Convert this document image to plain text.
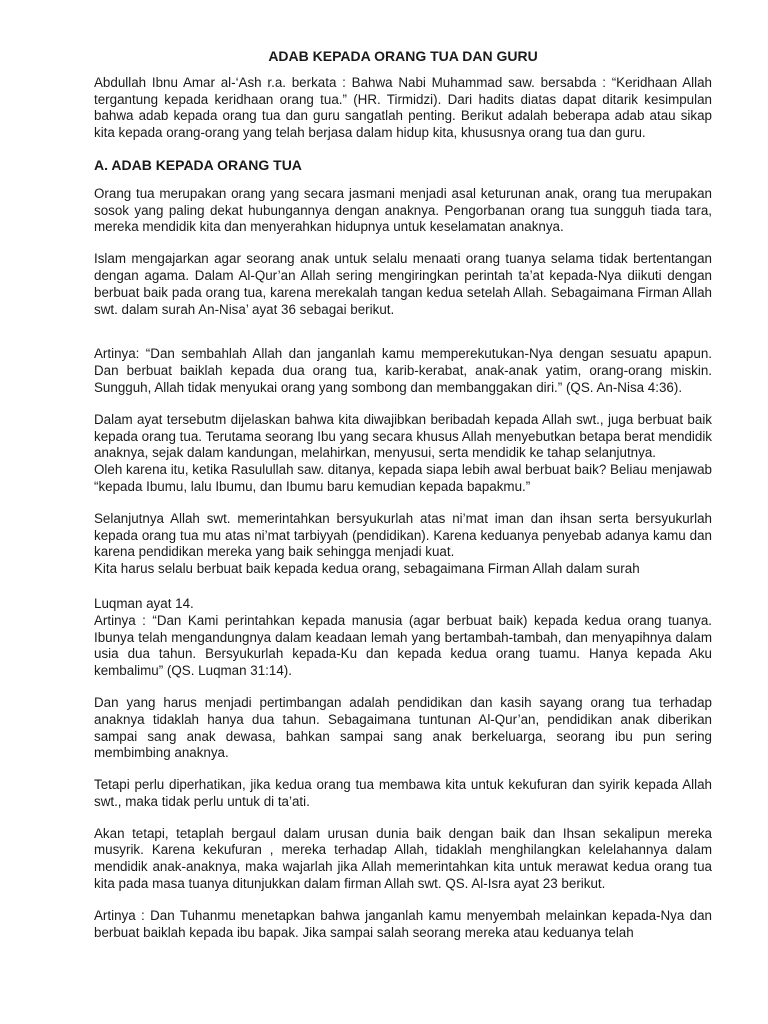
ADAB KEPADA ORANG TUA DAN GURU

Abdullah Ibnu Amar al-‘Ash r.a. berkata : Bahwa Nabi Muhammad saw. bersabda : “Keridhaan Allah tergantung kepada keridhaan orang tua.” (HR. Tirmidzi). Dari hadits diatas dapat ditarik kesimpulan bahwa adab kepada orang tua dan guru sangatlah penting. Berikut adalah beberapa adab atau sikap kita kepada orang-orang yang telah berjasa dalam hidup kita, khususnya orang tua dan guru.

A. ADAB KEPADA ORANG TUA

Orang tua merupakan orang yang secara jasmani menjadi asal keturunan anak, orang tua merupakan sosok yang paling dekat hubungannya dengan anaknya. Pengorbanan orang tua sungguh tiada tara, mereka mendidik kita dan menyerahkan hidupnya untuk keselamatan anaknya.

Islam mengajarkan agar seorang anak untuk selalu menaati orang tuanya selama tidak bertentangan dengan agama. Dalam Al-Qur’an Allah sering mengiringkan perintah ta’at kepada-Nya diikuti dengan berbuat baik pada orang tua, karena merekalah tangan kedua setelah Allah. Sebagaimana Firman Allah swt. dalam surah An-Nisa’ ayat 36 sebagai berikut.

Artinya: “Dan sembahlah Allah dan janganlah kamu memperekutukan-Nya dengan sesuatu apapun. Dan berbuat baiklah kepada dua orang tua, karib-kerabat, anak-anak yatim, orang-orang miskin. Sungguh, Allah tidak menyukai orang yang sombong dan membanggakan diri.” (QS. An-Nisa 4:36).

Dalam ayat tersebutm dijelaskan bahwa kita diwajibkan beribadah kepada Allah swt., juga berbuat baik kepada orang tua. Terutama seorang Ibu yang secara khusus Allah menyebutkan betapa berat mendidik anaknya, sejak dalam kandungan, melahirkan, menyusui, serta mendidik ke tahap selanjutnya.

Oleh karena itu, ketika Rasulullah saw. ditanya, kepada siapa lebih awal berbuat baik? Beliau menjawab “kepada Ibumu, lalu Ibumu, dan Ibumu baru kemudian kepada bapakmu.”

Selanjutnya Allah swt. memerintahkan bersyukurlah atas ni’mat iman dan ihsan serta bersyukurlah kepada orang tua mu atas ni’mat tarbiyyah (pendidikan). Karena keduanya penyebab adanya kamu dan karena pendidikan mereka yang baik sehingga menjadi kuat.

Kita harus selalu berbuat baik kepada kedua orang, sebagaimana Firman Allah dalam surah

Luqman ayat 14.

Artinya : “Dan Kami perintahkan kepada manusia (agar berbuat baik) kepada kedua orang tuanya. Ibunya telah mengandungnya dalam keadaan lemah yang bertambah-tambah, dan menyapihnya dalam usia dua tahun. Bersyukurlah kepada-Ku dan kepada kedua orang tuamu. Hanya kepada Aku kembalimu” (QS. Luqman 31:14).

Dan yang harus menjadi pertimbangan adalah pendidikan dan kasih sayang orang tua terhadap anaknya tidaklah hanya dua tahun. Sebagaimana tuntunan Al-Qur’an, pendidikan anak diberikan sampai sang anak dewasa, bahkan sampai sang anak berkeluarga, seorang ibu pun sering membimbing anaknya.

Tetapi perlu diperhatikan, jika kedua orang tua membawa kita untuk kekufuran dan syirik kepada Allah swt., maka tidak perlu untuk di ta’ati.

Akan tetapi, tetaplah bergaul dalam urusan dunia baik dengan baik dan Ihsan sekalipun mereka musyrik. Karena kekufuran , mereka terhadap Allah, tidaklah menghilangkan kelelahannya dalam mendidik anak-anaknya, maka wajarlah jika Allah memerintahkan kita untuk merawat kedua orang tua kita pada masa tuanya ditunjukkan dalam firman Allah swt. QS. Al-Isra ayat 23 berikut.

Artinya : Dan Tuhanmu menetapkan bahwa janganlah kamu menyembah melainkan kepada-Nya dan berbuat baiklah kepada ibu bapak. Jika sampai salah seorang mereka atau keduanya telah
